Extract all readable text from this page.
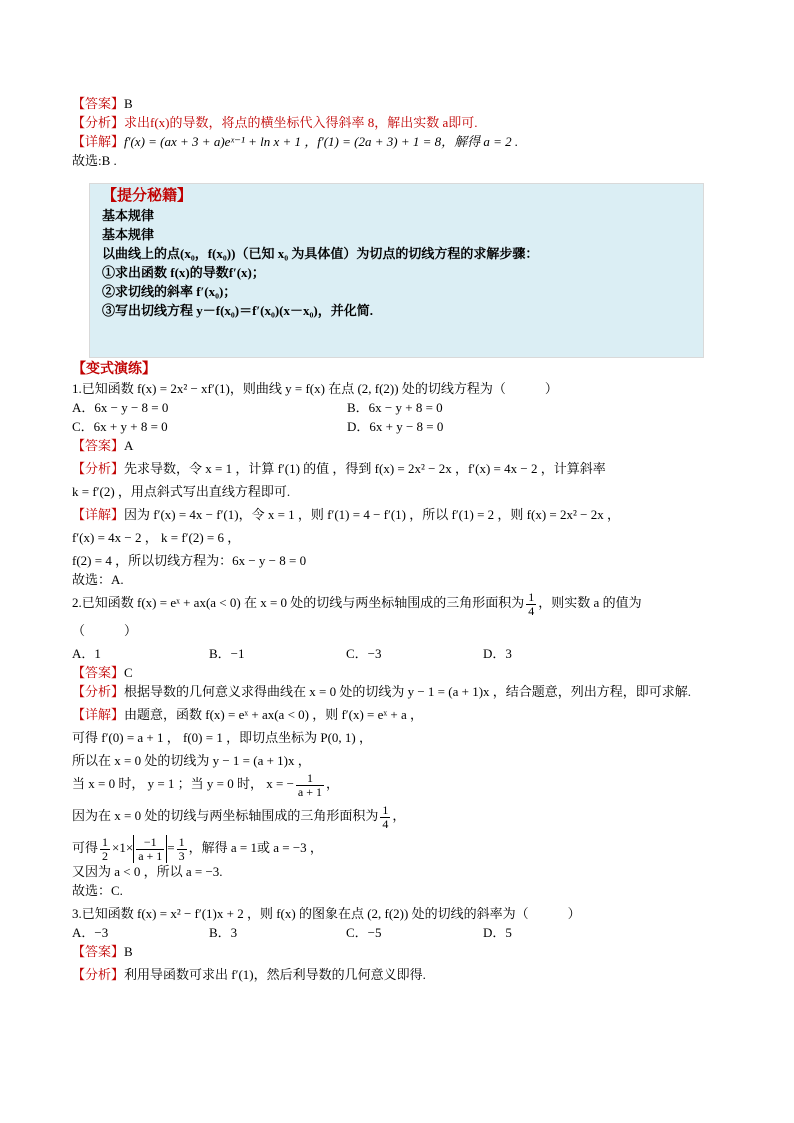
【答案】B
【分析】求出f(x)的导数，将点的横坐标代入得斜率 8，解出实数 a即可.
【详解】f′(x) = (ax + 3 + a)eˣ⁻¹ + ln x + 1 ，f′(1) = (2a + 3) + 1 = 8，解得 a = 2 .
故选:B .
【提分秘籍】
基本规律
基本规律
以曲线上的点(x₀，f(x₀))（已知 x₀ 为具体值）为切点的切线方程的求解步骤：
①求出函数 f(x)的导数f′(x)；
②求切线的斜率 f′(x₀)；
③写出切线方程 y－f(x₀)＝f′(x₀)(x－x₀)，并化简.
【变式演练】
1.已知函数 f(x) = 2x² − xf′(1)，则曲线 y = f(x) 在点 (2, f(2)) 处的切线方程为（　　　）
A．6x − y − 8 = 0	B．6x − y + 8 = 0
C．6x + y + 8 = 0	D．6x + y − 8 = 0
【答案】A
【分析】先求导数，令 x = 1 ，计算 f′(1) 的值 ，得到 f(x) = 2x² − 2x ，f′(x) = 4x − 2 ，计算斜率
k = f′(2) ，用点斜式写出直线方程即可.
【详解】因为 f′(x) = 4x − f′(1)，令 x = 1 ，则 f′(1) = 4 − f′(1) ，所以 f′(1) = 2 ，则 f(x) = 2x² − 2x ，
f′(x) = 4x − 2 ， k = f′(2) = 6 ，
f(2) = 4 ，所以切线方程为：6x − y − 8 = 0
故选：A.
2.已知函数 f(x) = eˣ + ax(a < 0) 在 x = 0 处的切线与两坐标轴围成的三角形面积为 $\frac{1}{4}$ ，则实数 a 的值为
（　　　）
A．1	B．−1	C．−3	D．3
【答案】C
【分析】根据导数的几何意义求得曲线在 x = 0 处的切线为 y − 1 = (a + 1)x ，结合题意，列出方程，即可求解.
【详解】由题意，函数 f(x) = eˣ + ax(a < 0) ，则 f′(x) = eˣ + a ，
可得 f′(0) = a + 1 ， f(0) = 1 ，即切点坐标为 P(0, 1) ，
所以在 x = 0 处的切线为 y − 1 = (a + 1)x ，
当 x = 0 时， y = 1 ；当 y = 0 时， x = − $\frac{1}{a + 1}$ ，
因为在 x = 0 处的切线与两坐标轴围成的三角形面积为 $\frac{1}{4}$ ，
可得 $\frac{1}{2} \times 1\times \frac{-1}{a + 1} = \frac{1}{3}$ ，解得 a = 1或 a = −3 ，
又因为 a < 0 ，所以 a = −3.
故选：C.
3.已知函数 f(x) = x² − f′(1)x + 2 ，则 f(x) 的图象在点 (2, f(2)) 处的切线的斜率为（　　　）
A．−3	B．3	C．−5	D．5
【答案】B
【分析】利用导函数可求出 f′(1)，然后利导数的几何意义即得.
